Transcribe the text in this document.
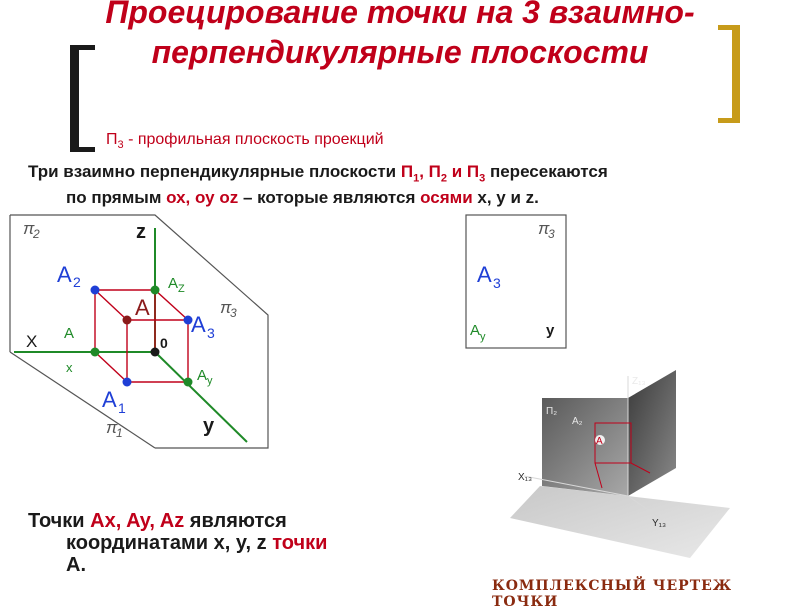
Проецирование точки на 3 взаимно-перпендикулярные плоскости
$П_3$ - профильная плоскость проекций
Три взаимно перпендикулярные плоскости $П_1$, $П_2$ и $П_3$ пересекаются
по прямым ох, оу oz – которые являются осями x, y и z.
z
X
y
0
π
2
π
3
π
1
A 2
A
A 3
A 1
A Z
A y
A
x
π
3
A 3
A y	y
Z₁₃
X₁₃
Y₁₃
П₂
A₂
A
КОМПЛЕКСНЫЙ ЧЕРТЕЖ ТОЧКИ
Точки Ax, Ay, Az являются
координатами x, y, z точки
A.
